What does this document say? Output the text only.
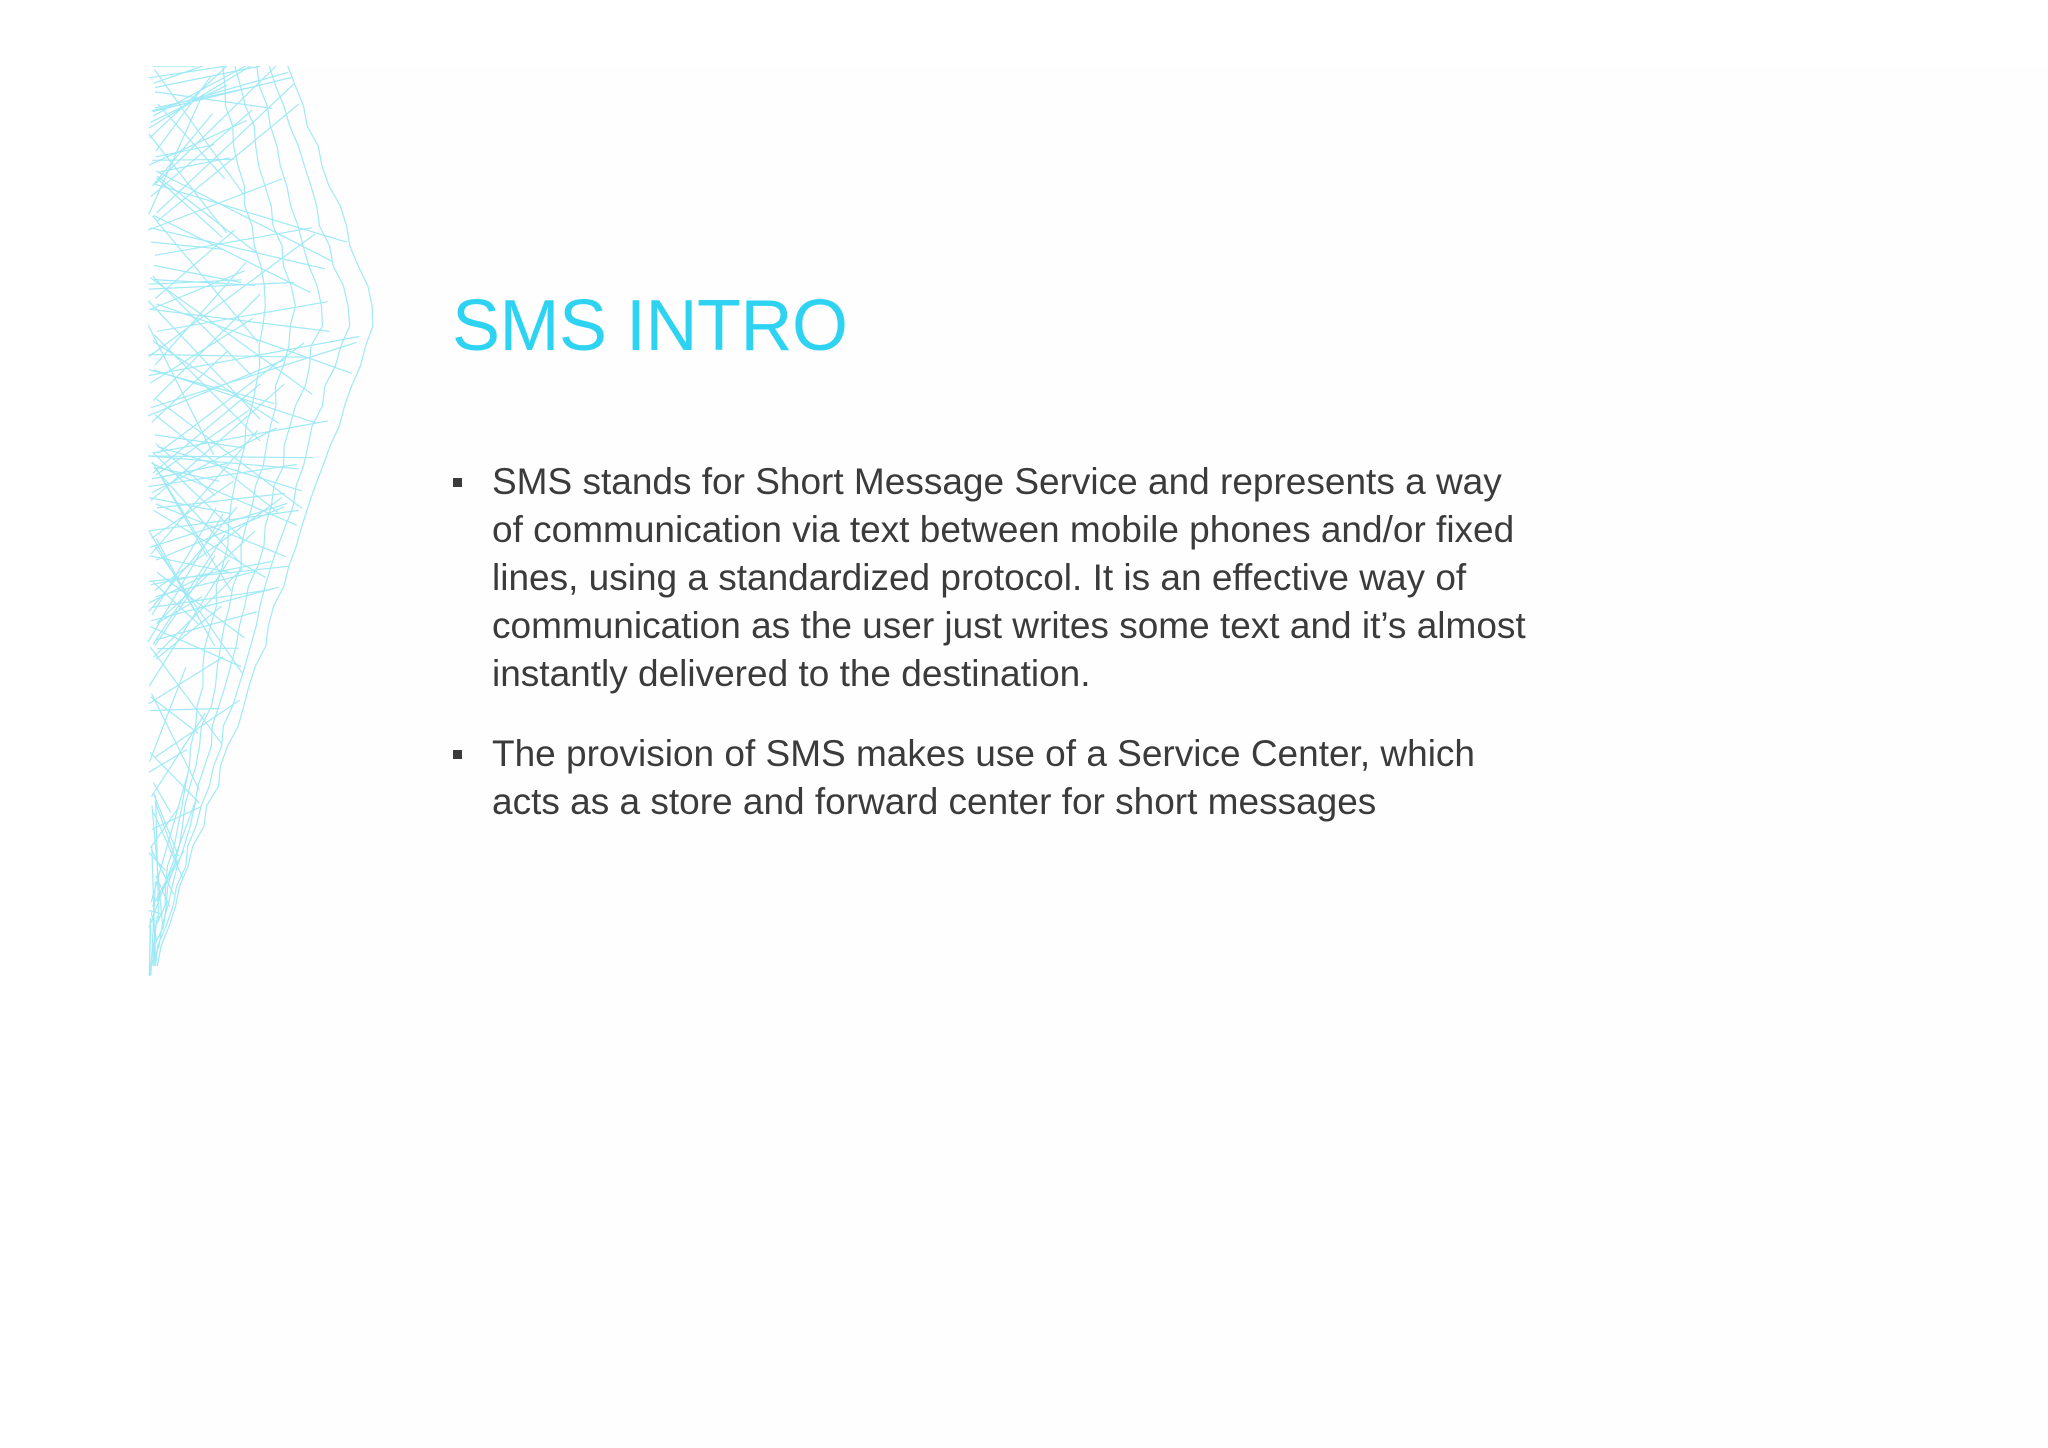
SMS INTRO
SMS stands for Short Message Service and represents a way of communication via text between mobile phones and/or fixed lines, using a standardized protocol. It is an effective way of communication as the user just writes some text and it’s almost instantly delivered to the destination.
The provision of SMS makes use of a Service Center, which acts as a store and forward center for short messages
